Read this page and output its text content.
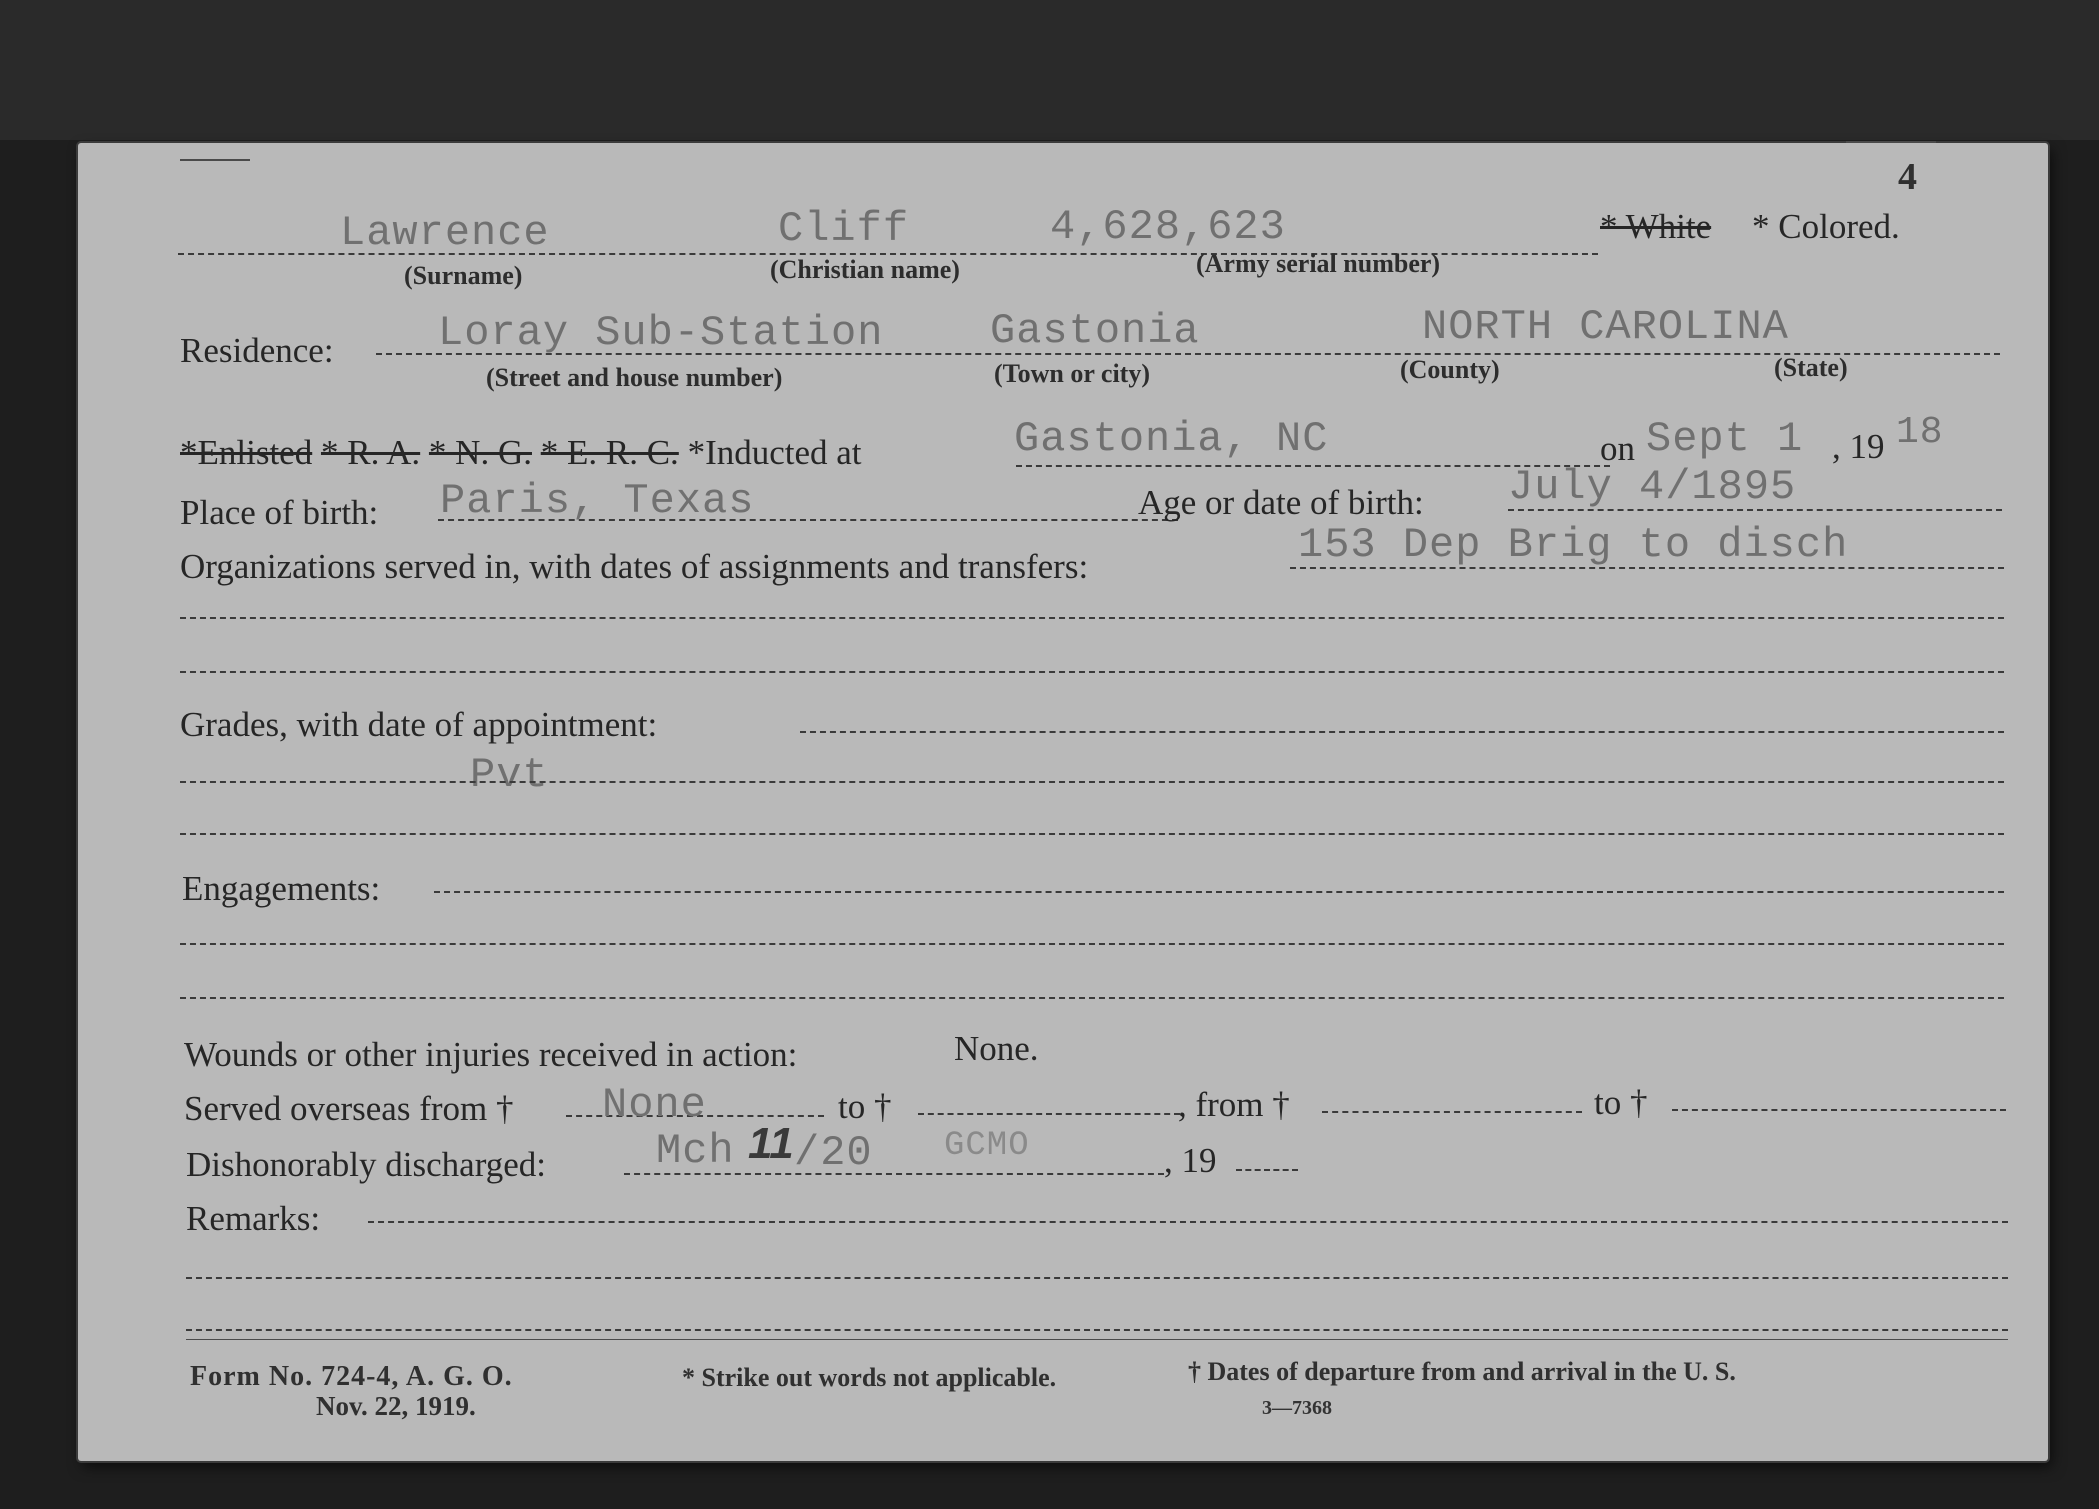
4
Lawrence	Cliff	4,628,623	* White * Colored.
(Surname)	(Christian name)	(Army serial number)
Residence: Loray Sub-Station	Gastonia	NORTH CAROLINA
(Street and house number)	(Town or city)	(County)	(State)
*Enlisted * R. A. * N. G. * E. R. C. *Inducted at	Gastonia, NC	on Sept 1 , 19 18
Place of birth: Paris, Texas	Age or date of birth: July 4/1895
Organizations served in, with dates of assignments and transfers:	153 Dep Brig to disch
Grades, with date of appointment:
Pvt
Engagements:
Wounds or other injuries received in action:	None.
Served overseas from † None	to †	, from †	to †
Dishonorably discharged:	Mch 11 /20 GCMO	, 19
Remarks:
Form No. 724-4, A. G. O.
Nov. 22, 1919.
* Strike out words not applicable.	† Dates of departure from and arrival in the U. S.
3—7368
